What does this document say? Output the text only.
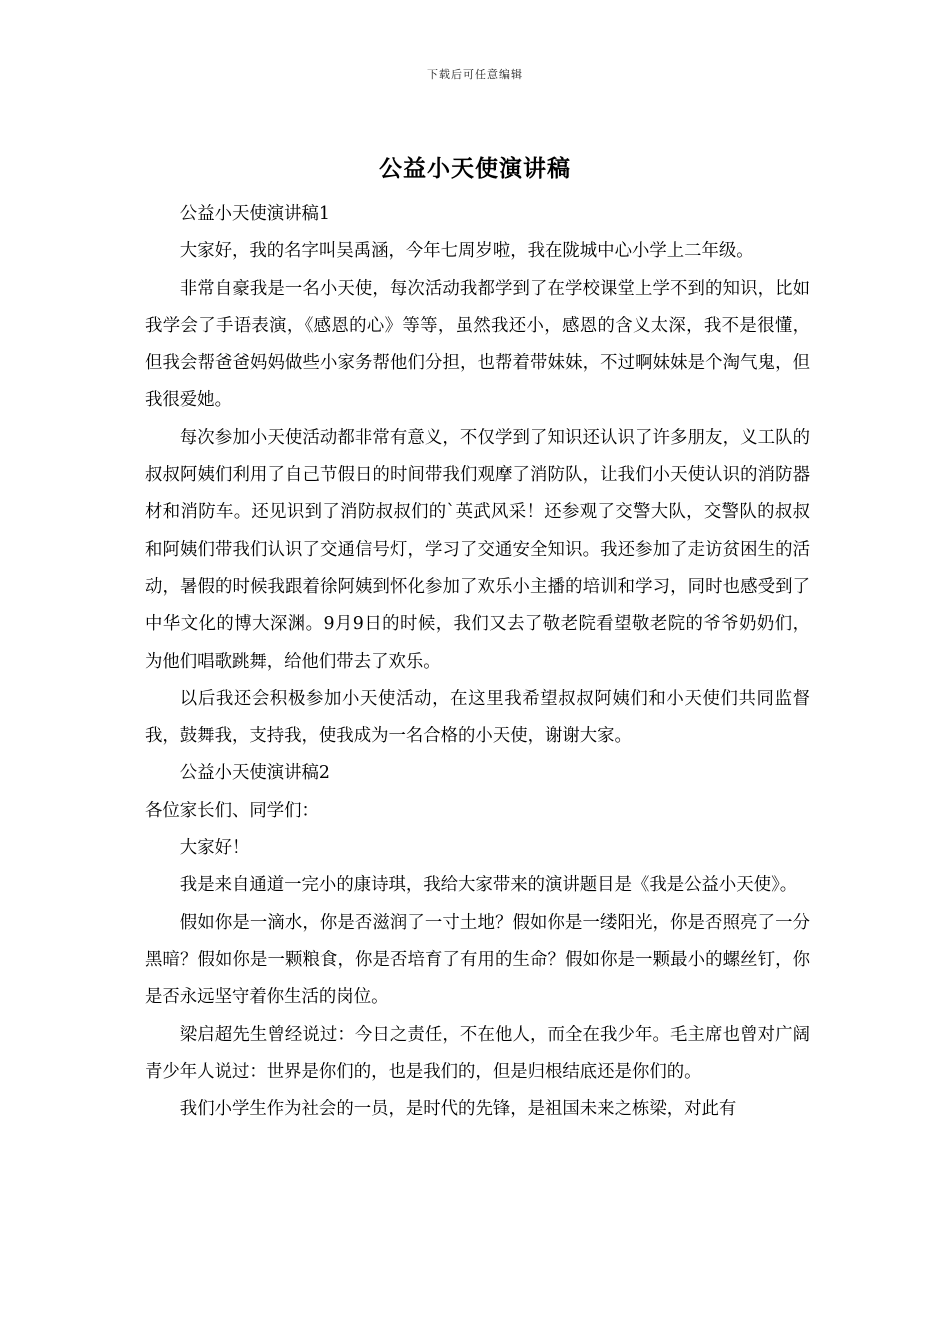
下载后可任意编辑
公益小天使演讲稿

公益小天使演讲稿1

大家好，我的名字叫吴禹涵，今年七周岁啦，我在陇城中心小学上二年级。

非常自豪我是一名小天使，每次活动我都学到了在学校课堂上学不到的知识，比如我学会了手语表演，《感恩的心》等等，虽然我还小，感恩的含义太深，我不是很懂，但我会帮爸爸妈妈做些小家务帮他们分担，也帮着带妹妹，不过啊妹妹是个淘气鬼，但我很爱她。

每次参加小天使活动都非常有意义，不仅学到了知识还认识了许多朋友，义工队的叔叔阿姨们利用了自己节假日的时间带我们观摩了消防队，让我们小天使认识的消防器材和消防车。还见识到了消防叔叔们的`英武风采！还参观了交警大队，交警队的叔叔和阿姨们带我们认识了交通信号灯，学习了交通安全知识。我还参加了走访贫困生的活动，暑假的时候我跟着徐阿姨到怀化参加了欢乐小主播的培训和学习，同时也感受到了中华文化的博大深渊。9月9日的时候，我们又去了敬老院看望敬老院的爷爷奶奶们，为他们唱歌跳舞，给他们带去了欢乐。

以后我还会积极参加小天使活动，在这里我希望叔叔阿姨们和小天使们共同监督我，鼓舞我，支持我，使我成为一名合格的小天使，谢谢大家。

公益小天使演讲稿2

各位家长们、同学们：

大家好！

我是来自通道一完小的康诗琪，我给大家带来的演讲题目是《我是公益小天使》。

假如你是一滴水，你是否滋润了一寸土地？假如你是一缕阳光，你是否照亮了一分黑暗？假如你是一颗粮食，你是否培育了有用的生命？假如你是一颗最小的螺丝钉，你是否永远坚守着你生活的岗位。

梁启超先生曾经说过：今日之责任，不在他人，而全在我少年。毛主席也曾对广阔青少年人说过：世界是你们的，也是我们的，但是归根结底还是你们的。

我们小学生作为社会的一员，是时代的先锋，是祖国未来之栋梁，对此有
